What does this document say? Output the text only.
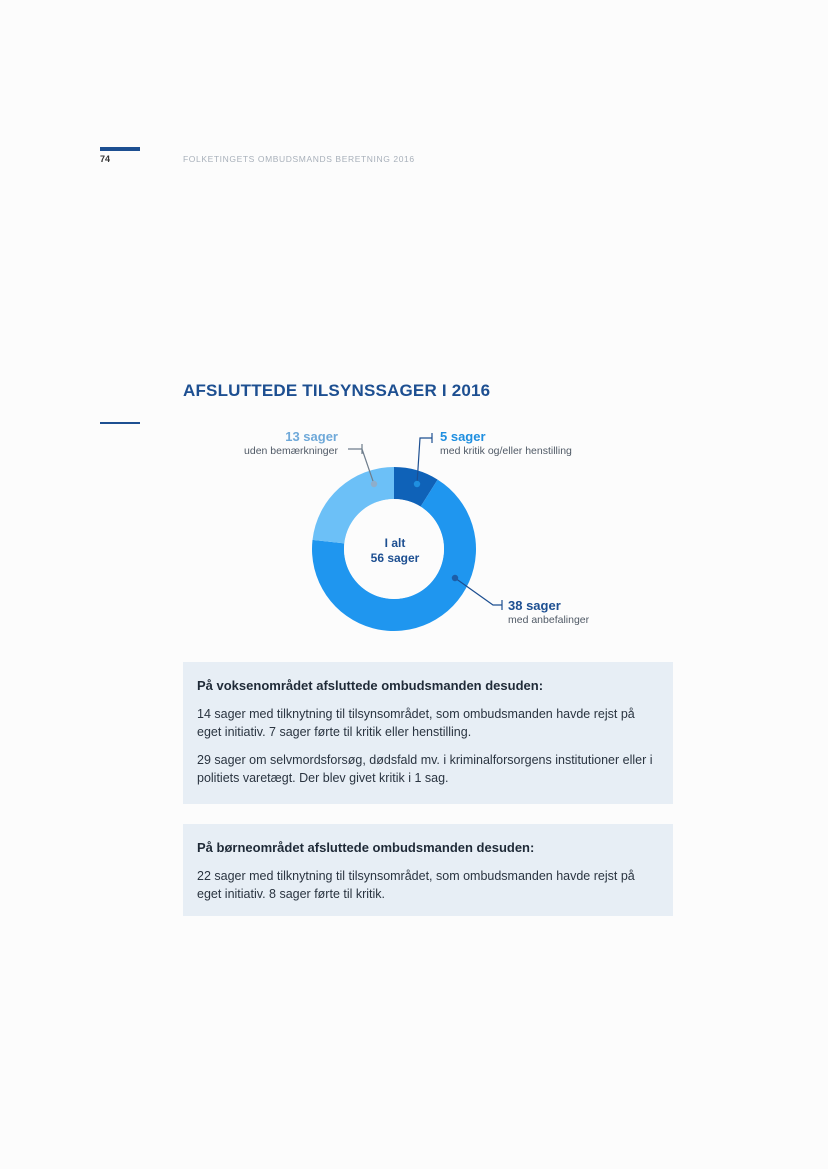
74	FOLKETINGETS OMBUDSMANDS BERETNING 2016
AFSLUTTEDE TILSYNSSAGER I 2016
13 sager
uden bemærkninger
5 sager
med kritik og/eller henstilling
38 sager
med anbefalinger
I alt
56 sager

På voksenområdet afsluttede ombudsmanden desuden:

14 sager med tilknytning til tilsynsområdet, som ombudsmanden havde rejst på eget initiativ. 7 sager førte til kritik eller henstilling.

29 sager om selvmordsforsøg, dødsfald mv. i kriminalforsorgens institutioner eller i politiets varetægt. Der blev givet kritik i 1 sag.

På børneområdet afsluttede ombudsmanden desuden:

22 sager med tilknytning til tilsynsområdet, som ombudsmanden havde rejst på eget initiativ. 8 sager førte til kritik.
